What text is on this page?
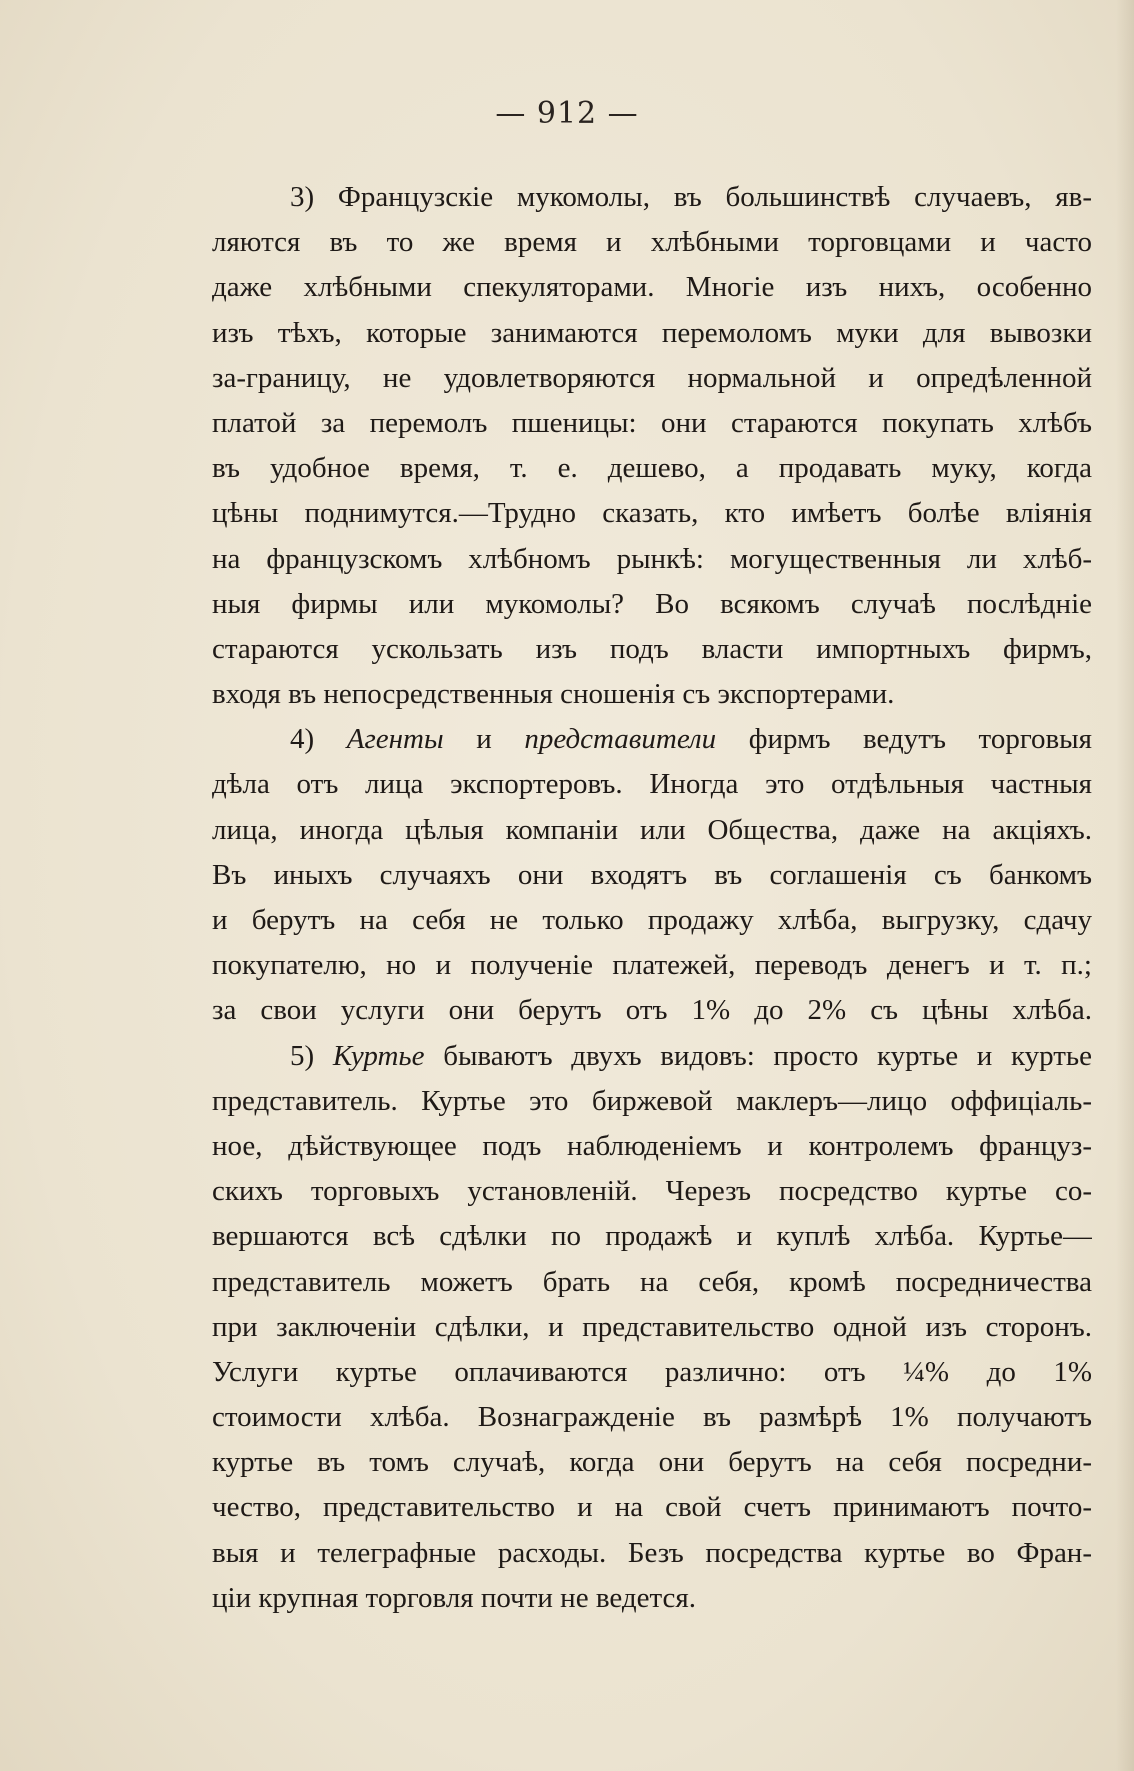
— 912 —
3) Французскіе мукомолы, въ большинствѣ случаевъ, яв-
ляются въ то же время и хлѣбными торговцами и часто
даже хлѣбными спекуляторами. Многіе изъ нихъ, особенно
изъ тѣхъ, которые занимаются перемоломъ муки для вывозки
за-границу, не удовлетворяются нормальной и опредѣленной
платой за перемолъ пшеницы: они стараются покупать хлѣбъ
въ удобное время, т. е. дешево, а продавать муку, когда
цѣны поднимутся.—Трудно сказать, кто имѣетъ болѣе вліянія
на французскомъ хлѣбномъ рынкѣ: могущественныя ли хлѣб-
ныя фирмы или мукомолы? Во всякомъ случаѣ послѣдніе
стараются ускользать изъ подъ власти импортныхъ фирмъ,
входя въ непосредственныя сношенія съ экспортерами.
4) Агенты и представители фирмъ ведутъ торговыя
дѣла отъ лица экспортеровъ. Иногда это отдѣльныя частныя
лица, иногда цѣлыя компаніи или Общества, даже на акціяхъ.
Въ иныхъ случаяхъ они входятъ въ соглашенія съ банкомъ
и берутъ на себя не только продажу хлѣба, выгрузку, сдачу
покупателю, но и полученіе платежей, переводъ денегъ и т. п.;
за свои услуги они берутъ отъ 1% до 2% съ цѣны хлѣба.
5) Куртье бываютъ двухъ видовъ: просто куртье и куртье
представитель. Куртье это биржевой маклеръ—лицо оффиціаль-
ное, дѣйствующее подъ наблюденіемъ и контролемъ француз-
скихъ торговыхъ установленій. Черезъ посредство куртье со-
вершаются всѣ сдѣлки по продажѣ и куплѣ хлѣба. Куртье—
представитель можетъ брать на себя, кромѣ посредничества
при заключеніи сдѣлки, и представительство одной изъ сторонъ.
Услуги куртье оплачиваются различно: отъ ¼% до 1%
стоимости хлѣба. Вознагражденіе въ размѣрѣ 1% получаютъ
куртье въ томъ случаѣ, когда они берутъ на себя посредни-
чество, представительство и на свой счетъ принимаютъ почто-
выя и телеграфные расходы. Безъ посредства куртье во Фран-
ціи крупная торговля почти не ведется.
